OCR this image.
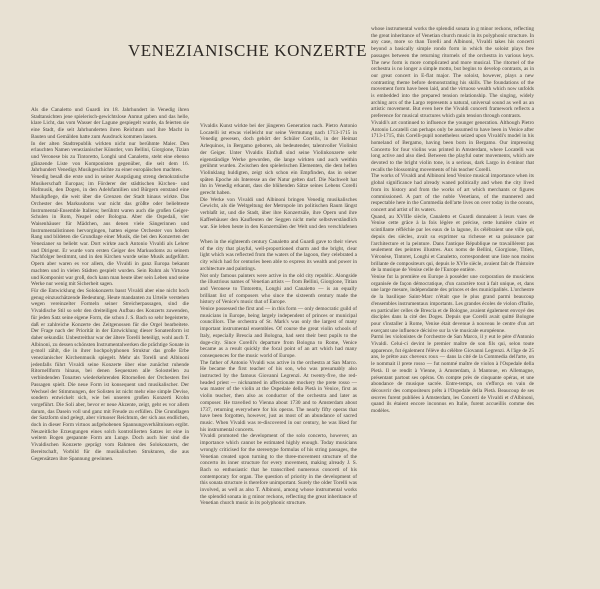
VENEZIANISCHE KONZERTE

Als die Canaletto und Guardi im 18. Jahrhundert in Venedig ihren Stadtansichten jene spielerisch-gewichtslose Anmut gaben und das helle, klare Licht, das vom Wasser der Lagune gespiegelt wurde, da feierten sie eine Stadt, die seit Jahrhunderten ihren Reichtum und ihre Macht in Bauten und Gemälden hatte zum Ausdruck kommen lassen.

In der alten Stadtrepublik wirkten nicht nur berühmte Maler. Den erlauchten Namen venezianischer Künstler, von Bellini, Giorgione, Tizian und Veronese bis zu Tintoretto, Longhi und Canaletto, steht eine ebenso glänzende Liste von Komponisten gegenüber, die seit dem 16. Jahrhundert Venedigs Musikgeschichte zu einer europäischen machten.

Venedig besaß die erste und in seiner Ausprägung streng demokratische Musikerschaft Europas; im Förderer der städtischen Kirchen- und Hofmusik, den Dogen, in den Adelsfamilien und Bürgern entstand eine Musikpflege, die weit über die Grenzen der Stadt hinaus wirkte. Das Orchester des Markusdoms war nicht das größte oder beliebteste Instrumental-Ensemble Italiens; berühmt waren auch die großen Geiger-Schulen in Rom, Neapel oder Bologna. Aber die Ospedali, vier Waisenhäuser für Mädchen, aus denen viele Sängerinnen und Instrumentalistinnen hervorgingen, hatten eigene Orchester von hohem Rang und bildeten die Grundlage einer Musik, die bei den Konzerten der Venezianer so beliebt war. Dort wirkte auch Antonio Vivaldi als Lehrer und Dirigent. Er wurde vom ersten Geiger des Markusdoms zu seinem Nachfolger bestimmt, und in den Kirchen wurde seine Musik aufgeführt. Opern aber waren es vor allem, die Vivaldi in ganz Europa bekannt machten und in vielen Städten gespielt wurden. Sein Ruhm als Virtuose und Komponist war groß, doch kann man heute über sein Leben und seine Werke nur wenig mit Sicherheit sagen.

Für die Entwicklung des Solokonzerts basst Vivaldi aber eine nicht hoch genug einzuschätzende Bedeutung. Heute mandanten zu Urteile verstehen wegen vereinzelter Formeln seiner Streicherpassagen, sind die Vivaldische Stil so sehr den dreiteiligen Aufbau des Konzerts zuwenden, für jeden Satz seine eigene Form, die schon J. S. Bach so sehr begeisterte, daß er zahlreiche Konzerte des Zeitgenossen für die Orgel bearbeitete. Der Frage nach der Priorität in der Entwicklung dieser Sonatenform ist daher sekundär. Unbestreitbar war der ältere Torelli beteiligt, wohl auch T. Albinoni, zu dessen schönsten Instrumentalwerken die prächtige Sonate in g-moll zählt, die in ihrer hochpolyphonen Struktur das große Erbe venezianischer Kirchenmusik spiegelt. Mehr als Torelli und Albinoni jedenfalls führt Vivaldi seine Konzerte über eine zunächst ruhende Ritornellform hinaus, bei denen Sequenzen alle Solostellen zu verbindenden Tonarten wiederkehrenden Ritornellen der Orchesters frei Passagen spielt. Die neue Form ist konsequent und musikalischer. Der Wechsel der Stimmungen, der Solisten ist nicht mehr eine simple Devise, sondern entwickelt sich, wie bei unseren großen Konzerti Krohn vorgeführt. Die Soli aber, bevor er neue Akzente, zeigt, geht es vor allem darum, das Dasein voll und ganz mit Freude zu erfüllen. Die Grundlagen der Satzform sind gelegt, aber virtuoser Reichtum, der sich aus endlichen, doch in dieser Form virtuos aufgehobenen Spannungsverhältnissen ergibt. Neuzeitliche Erzeugungen eines solch kontrollierten Satzes ist eine in weitem Bogen gespannte Form am Lunge. Doch auch hier sind die Vivaldischen Konzerte geprägt vom Rahmen des Solokonzerts, der Bereitschaft, Vorbild für die musikalischen Strukturen, die aus Gegensätzen ihre Spannung gewinnen.

Vivaldis Kunst wirkte bei der jüngeren Generation nach. Pietro Antonio Locatelli ist etwas vielleicht nur seine Vermutung nach 1713-1715 in Venedig gewesen, doch gehört der Schüler Corellis, in der Heimat Arlequinos, in Bergamo geboren, als bedeutender, talentvoller Violinist der Geiger. Unter Vivaldis Einfluß sind seine Violinkonzerte sehr eigenständige Werke geworden, die lange wirkten und auch weithin gerühmt wurden. Zwischen den spielerischen Elementen, die dem hellen Violinklang huldigten, zeigt sich schon ein Empfinden, das in seiner späten Epoche als Interesse an der Natur gelten darf. Die Nachwelt hat ihn in Venedig erkannt, dass die blühenden Sätze seines Lebens Corelli gerecht haben.

Die Werke von Vivaldi und Albinoni bringen Venedig musikalisches Gewicht, als die Weltgeltung der Metropole im politischen Raum längst verblaßt ist, und die Stadt, über ihre Konzertsäle, ihre Opern und ihre Kaffeehäuser den Kaufleuten der Seggen nicht mehr selbstverständlich war. Sie leben heute in den Konzertsälen der Welt und den verschlafenen

When in the eighteenth century Canaletto and Guardi gave to their views of the city that playful, well-proportioned charm and the bright, clear light which was reflected from the waters of the lagoon, they celebrated a city which had for centuries been able to express its wealth and power in architecture and paintings.

Not only famous painters were active in the old city republic. Alongside the illustrious names of Venetian artists — from Bellini, Giorgione, Titian and Veronese to Tintoretto, Longhi and Canaletto — is an equally brilliant list of composers who since the sixteenth century made the history of Venice's music that of Europe.

Venice possessed the first and — in this form — only democratic guild of musicians in Europe, being largely independent of princes or municipal councillors. The orchestra of St. Mark's was only the largest of many important instrumental ensembles. Of course the great violin schools of Italy, especially Brescia and Bologna, had sent their best pupils to the doge-city. Since Corelli's departure from Bologna to Rome, Venice became as a result quickly the focal point of an art which had many consequences for the music world of Europe.

The father of Antonio Vivaldi was active in the orchestra at San Marco. He became the first teacher of his son, who was presumably also instructed by the famous Giovanni Legrenzi. At twenty-five, the red-headed priest — nicknamed in affectionate mockery the prete rosso — was master of the violin at the Ospedale della Pietà in Venice, first as violin teacher, then also as conductor of the orchestra and later as composer. He travelled to Vienna about 1730 and to Amsterdam about 1737, returning everywhere for his operas. The nearly fifty operas that have been forgotten, however, just as most of an abundance of sacred music. When Vivaldi was re-discovered in our century, he was liked for his instrumental concerts.

Vivaldi promoted the development of the solo concerto, however, an importance which cannot be estimated highly enough. Today musicians wrongly criticised for the stereotype formulas of his string passages, the Venetian created upon turning to the three-movement structure of the concerto its inner structure for every movement, making already J. S. Bach so enthusiastic that he transcribed numerous concerti of his contemporary for organ. The question of priority in the development of this sonata structure is therefore unimportant. Surely the older Torelli was involved, as well as also T. Albinoni, among whose instrumental works the splendid sonata in g minor reckons, reflecting the great inheritance of Venetian church music in its polyphonic structure.

whose instrumental works the splendid sonata in g minor reckons, reflecting the great inheritance of Venetian church music in its polyphonic structure. In any case, more so than Torelli and Albinoni, Vivaldi takes his concerti beyond a basically simple rondo form in which the soloist plays free passages between the returning ritornels of the orchestra in various keys. The new form is more complicated and more musical. The ritornel of the orchestra is no longer a simple motto, but begins to develop contrasts, as in our great concert in E-flat major. The soloist, however, plays a new contrasting theme before demonstrating his skills. The foundations of the movement form have been laid, and the virtuoso wealth which now unfolds is embedded into the prepared tension relationship. The singing, widely arching arcs of the Largo represents a natural, universal sound as well as an artistic movement. But even here the Vivaldi concerti framework reflects a preference for musical structures which gain tension through contrasts.

Vivaldi's art continued to influence the younger generation. Although Pietro Antonio Locatelli can perhaps only be assumed to have been in Venice after 1713-1715, this Corelli-pupil nonetheless seized upon Vivaldi's model in his homeland of Bergamo, having been born in Bergamo. Our impressing Concerto for four violins was printed in Amsterdam, where Locatelli was long active and also died. Between the playful outer movements, which are devoted to the bright violin tone, is a serious, dark Largo in d-minor that recalls the blossoming movements of his teacher Corelli.

The works of Vivaldi and Albinoni lend Venice musical importance when its global significance had already waned politically and when the city lived from its history and from the works of art which merchants or figures commissioned. A part of the noble Venetians, of the mannered and respectable here in the Commedia dell'arte lives on over today in the oceans, concert and artist of its waters.

Quand, au XVIIIe siècle, Canaletto et Guardi donnaient à leurs vues de Venise cette grâce à la fois légère et précise, cette lumière claire et scintillante réfléchie par les eaux de la lagune, ils célébraient une ville qui, depuis des siècles, avait su exprimer sa richesse et sa puissance par l'architecture et la peinture. Dans l'antique République ne travaillèrent pas seulement des peintres illustres. Aux noms de Bellini, Giorgione, Titien, Véronèse, Tintoret, Longhi et Canaletto, correspondent une liste non moins brillante de compositeurs qui, depuis le XVIe siècle, avaient fait de l'histoire de la musique de Venise celle de l'Europe entière.

Venise fut la première en Europe à posséder une corporation de musiciens organisée de façon démocratique, d'un caractère tout à fait unique, et, dans une large mesure, indépendante des princes et des municipalités. L'orchestre de la basilique Saint-Marc n'était que le plus grand parmi beaucoup d'ensembles instrumentaux importants. Les grandes écoles de violon d'Italie, en particulier celles de Brescia et de Bologne, avaient également envoyé des disciples dans la cité des Doges. Depuis que Corelli avait quitté Bologne pour s'installer à Rome, Venise était devenue à nouveau le centre d'un art exerçant une influence décisive sur la vie musicale européenne.

Parmi les violonistes de l'orchestre de San Marco, il y eut le père d'Antonio Vivaldi. Celui-ci devint le premier maître de son fils qui, selon toute apparence, fut également l'élève du célèbre Giovanni Legrenzi. A l'âge de 25 ans, le prêtre aux cheveux roux — dans la cité de la Commedia dell'arte, on le nommait il prete rosso — fut nommé maître de violon à l'Ospedale della Pietà. Il se rendit à Vienne, à Amsterdam, à Mantoue, en Allemagne, présentant partout ses opéras. On compte près de cinquante opéras, et une abondance de musique sacrée. Entre-temps, on s'efforça en vain de découvrir des compositeurs prêts à l'Ospedale della Pietà. Beaucoup de ses œuvres furent publiées à Amsterdam, les Concerti de Vivaldi et d'Albinoni, quand ils étaient encore inconnus en Italie, furent accueillis comme des modèles.
